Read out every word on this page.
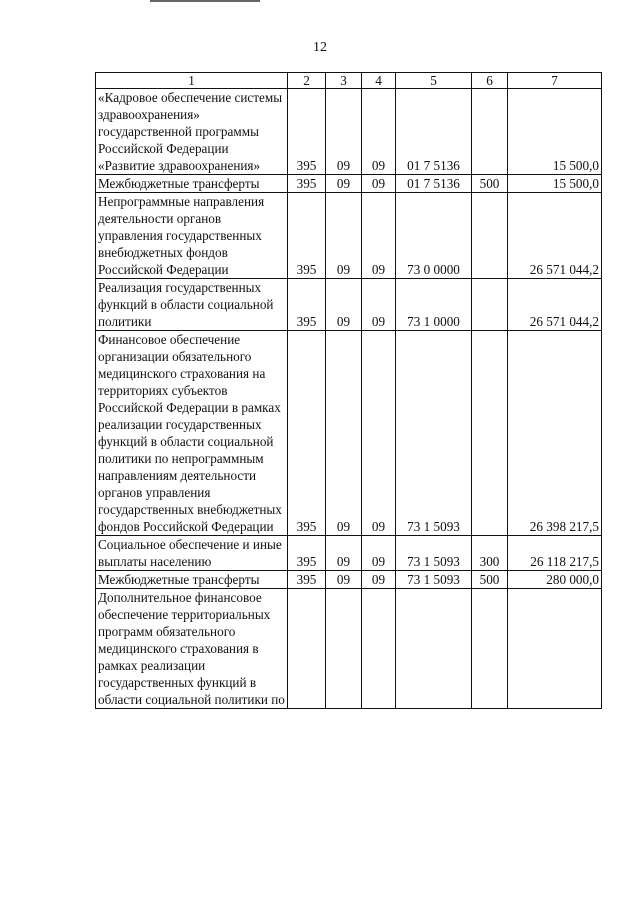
12
1	2	3	4	5	6	7
«Кадровое обеспечение системы здравоохранения» государственной программы Российской Федерации «Развитие здравоохранения»	395	09	09	01 7 5136		15 500,0
Межбюджетные трансферты	395	09	09	01 7 5136	500	15 500,0
Непрограммные направления деятельности органов управления государственных внебюджетных фондов Российской Федерации	395	09	09	73 0 0000		26 571 044,2
Реализация государственных функций в области социальной политики	395	09	09	73 1 0000		26 571 044,2
Финансовое обеспечение организации обязательного медицинского страхования на территориях субъектов Российской Федерации в рамках реализации государственных функций в области социальной политики по непрограммным направлениям деятельности органов управления государственных внебюджетных фондов Российской Федерации	395	09	09	73 1 5093		26 398 217,5
Социальное обеспечение и иные выплаты населению	395	09	09	73 1 5093	300	26 118 217,5
Межбюджетные трансферты	395	09	09	73 1 5093	500	280 000,0
Дополнительное финансовое обеспечение территориальных программ обязательного медицинского страхования в рамках реализации государственных функций в области социальной политики по						
